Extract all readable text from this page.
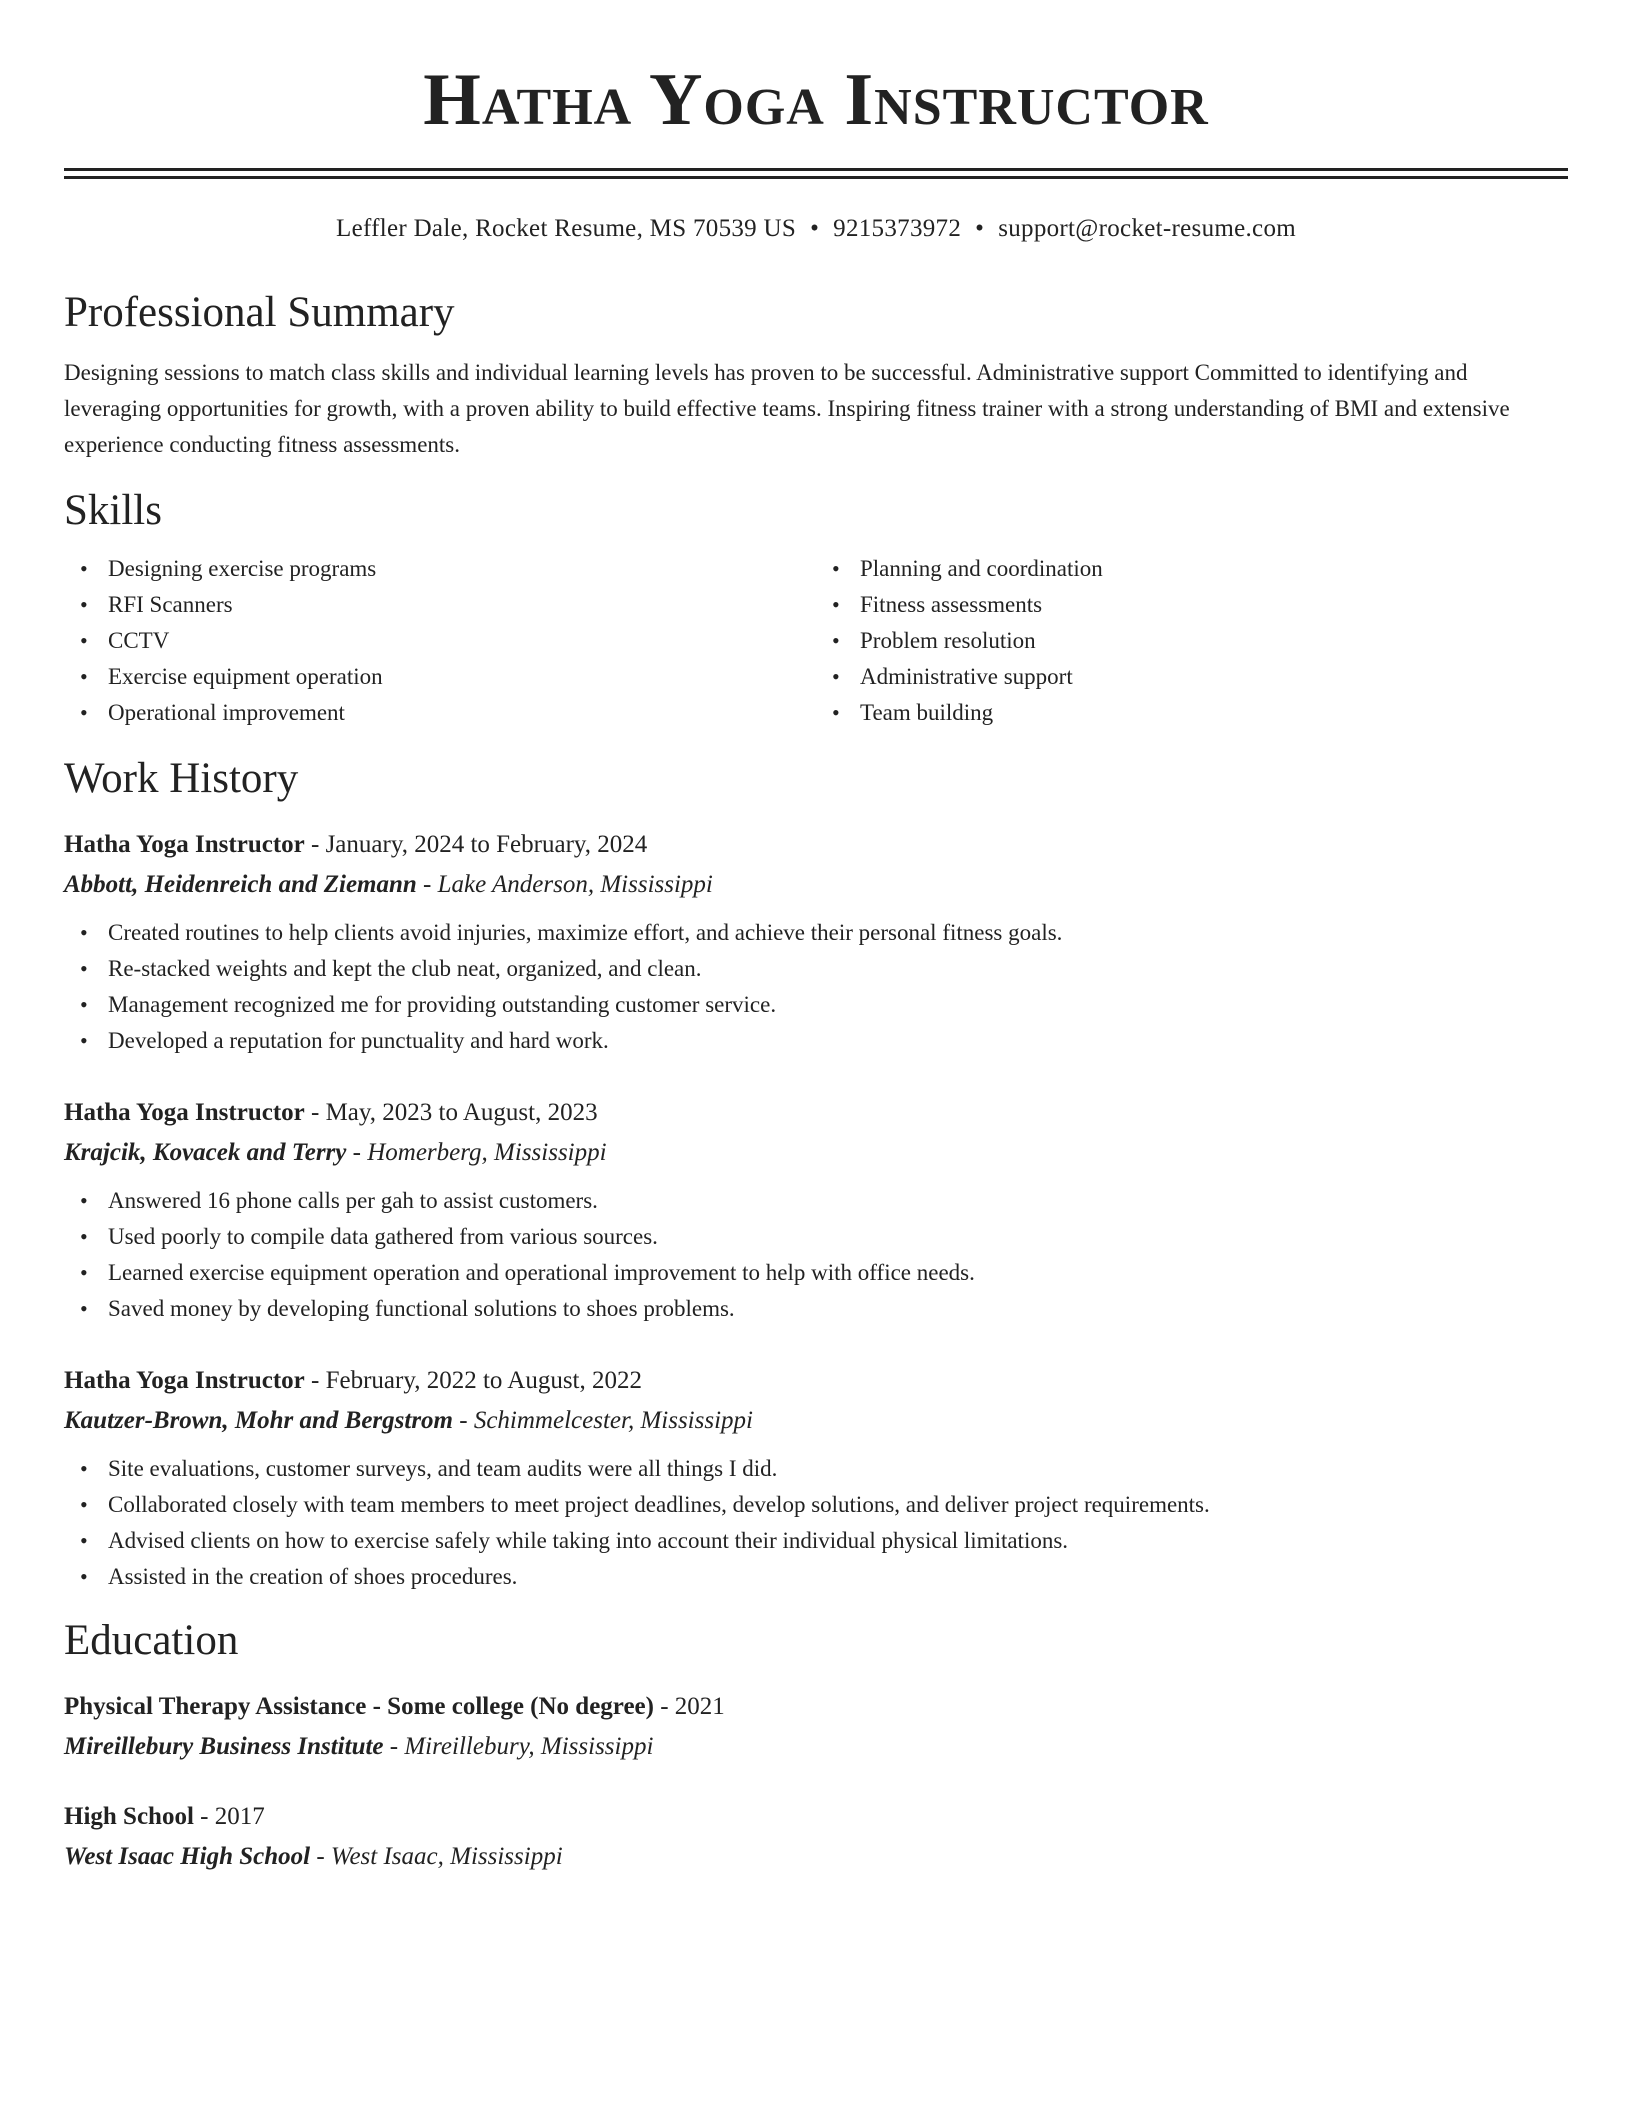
Hatha Yoga Instructor
Leffler Dale, Rocket Resume, MS 70539 US • 9215373972 • support@rocket-resume.com
Professional Summary

Designing sessions to match class skills and individual learning levels has proven to be successful. Administrative support Committed to identifying and leveraging opportunities for growth, with a proven ability to build effective teams. Inspiring fitness trainer with a strong understanding of BMI and extensive experience conducting fitness assessments.

Skills
• Designing exercise programs
• RFI Scanners
• CCTV
• Exercise equipment operation
• Operational improvement
• Planning and coordination
• Fitness assessments
• Problem resolution
• Administrative support
• Team building
Work History
Hatha Yoga Instructor - January, 2024 to February, 2024
Abbott, Heidenreich and Ziemann - Lake Anderson, Mississippi
• Created routines to help clients avoid injuries, maximize effort, and achieve their personal fitness goals.
• Re-stacked weights and kept the club neat, organized, and clean.
• Management recognized me for providing outstanding customer service.
• Developed a reputation for punctuality and hard work.
Hatha Yoga Instructor - May, 2023 to August, 2023
Krajcik, Kovacek and Terry - Homerberg, Mississippi
• Answered 16 phone calls per gah to assist customers.
• Used poorly to compile data gathered from various sources.
• Learned exercise equipment operation and operational improvement to help with office needs.
• Saved money by developing functional solutions to shoes problems.
Hatha Yoga Instructor - February, 2022 to August, 2022
Kautzer-Brown, Mohr and Bergstrom - Schimmelcester, Mississippi
• Site evaluations, customer surveys, and team audits were all things I did.
• Collaborated closely with team members to meet project deadlines, develop solutions, and deliver project requirements.
• Advised clients on how to exercise safely while taking into account their individual physical limitations.
• Assisted in the creation of shoes procedures.
Education
Physical Therapy Assistance - Some college (No degree) - 2021
Mireillebury Business Institute - Mireillebury, Mississippi
High School - 2017
West Isaac High School - West Isaac, Mississippi
